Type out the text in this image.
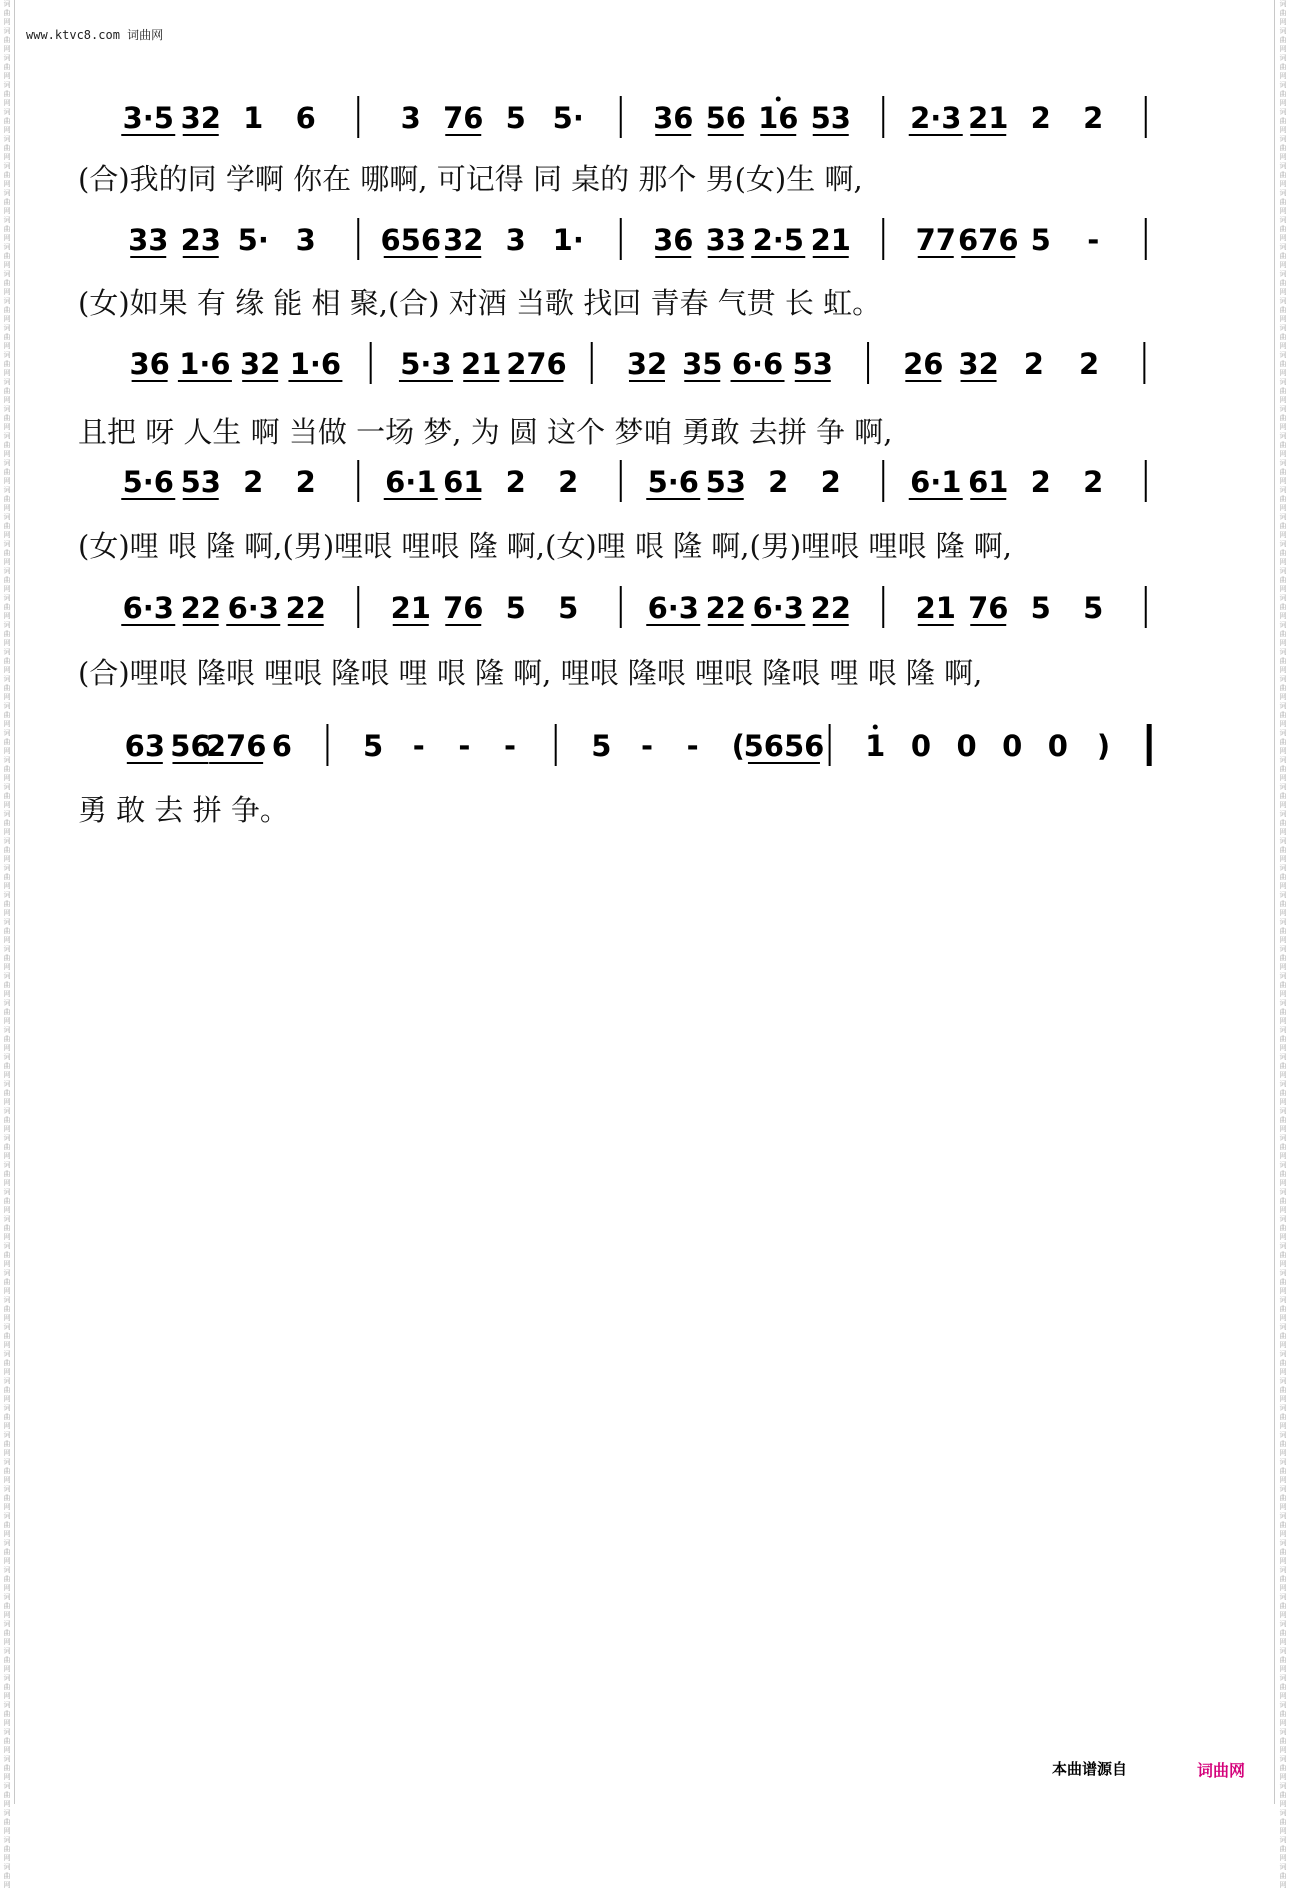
词曲网词曲网词曲网词曲网词曲网词曲网词曲网词曲网词曲网词曲网词曲网词曲网词曲网词曲网词曲网词曲网词曲网词曲网词曲网词曲网词曲网词曲网词曲网词曲网词曲网词曲网词曲网词曲网词曲网词曲网词曲网词曲网词曲网词曲网词曲网词曲网词曲网词曲网词曲网词曲网词曲网词曲网词曲网词曲网词曲网词曲网词曲网词曲网词曲网词曲网词曲网词曲网词曲网词曲网词曲网词曲网词曲网词曲网词曲网词曲网词曲网词曲网词曲网词曲网词曲网词曲网词曲网词曲网词曲网词曲网
词曲网词曲网词曲网词曲网词曲网词曲网词曲网词曲网词曲网词曲网词曲网词曲网词曲网词曲网词曲网词曲网词曲网词曲网词曲网词曲网词曲网词曲网词曲网词曲网词曲网词曲网词曲网词曲网词曲网词曲网词曲网词曲网词曲网词曲网词曲网词曲网词曲网词曲网词曲网词曲网词曲网词曲网词曲网词曲网词曲网词曲网词曲网词曲网词曲网词曲网词曲网词曲网词曲网词曲网词曲网词曲网词曲网词曲网词曲网词曲网词曲网词曲网词曲网词曲网词曲网词曲网词曲网词曲网词曲网词曲网
www.ktvc8.com 词曲网
3·5 32 1 6	3 76 5 5· 36 56 16 53 2·3 21 2 2
33 23 5· 3 656 32 3 1· 36 33 2·5 21 77 676 5 -
36 1·6 32 1·6 5·3 21 276 32 35 6·6 53 26 32 2 2
5·6 53 2 2 6·1 61 2 2 5·6 53 2 2 6·1 61 2 2
6·3 22 6·3 22 21 76 5 5 6·3 22 6·3 22 21 76 5 5
63 56
276 6 5 - - -	5 - - (
5656 1 0 0 0 0 )
(合)我的同 学啊 你在 哪啊, 可记得 同 桌的 那个 男(女)生 啊,
(女)如果 有 缘 能 相 聚,(合) 对酒 当歌 找回 青春 气贯 长 虹。
且把 呀 人生 啊 当做 一场 梦, 为 圆 这个 梦咱 勇敢 去拼 争 啊,
(女)哩 哏 隆 啊,(男)哩哏 哩哏 隆 啊,(女)哩 哏 隆 啊,(男)哩哏 哩哏 隆 啊,
(合)哩哏 隆哏 哩哏 隆哏 哩 哏 隆 啊, 哩哏 隆哏 哩哏 隆哏 哩 哏 隆 啊,
勇 敢 去 拼 争。
本曲谱源自	词曲网
